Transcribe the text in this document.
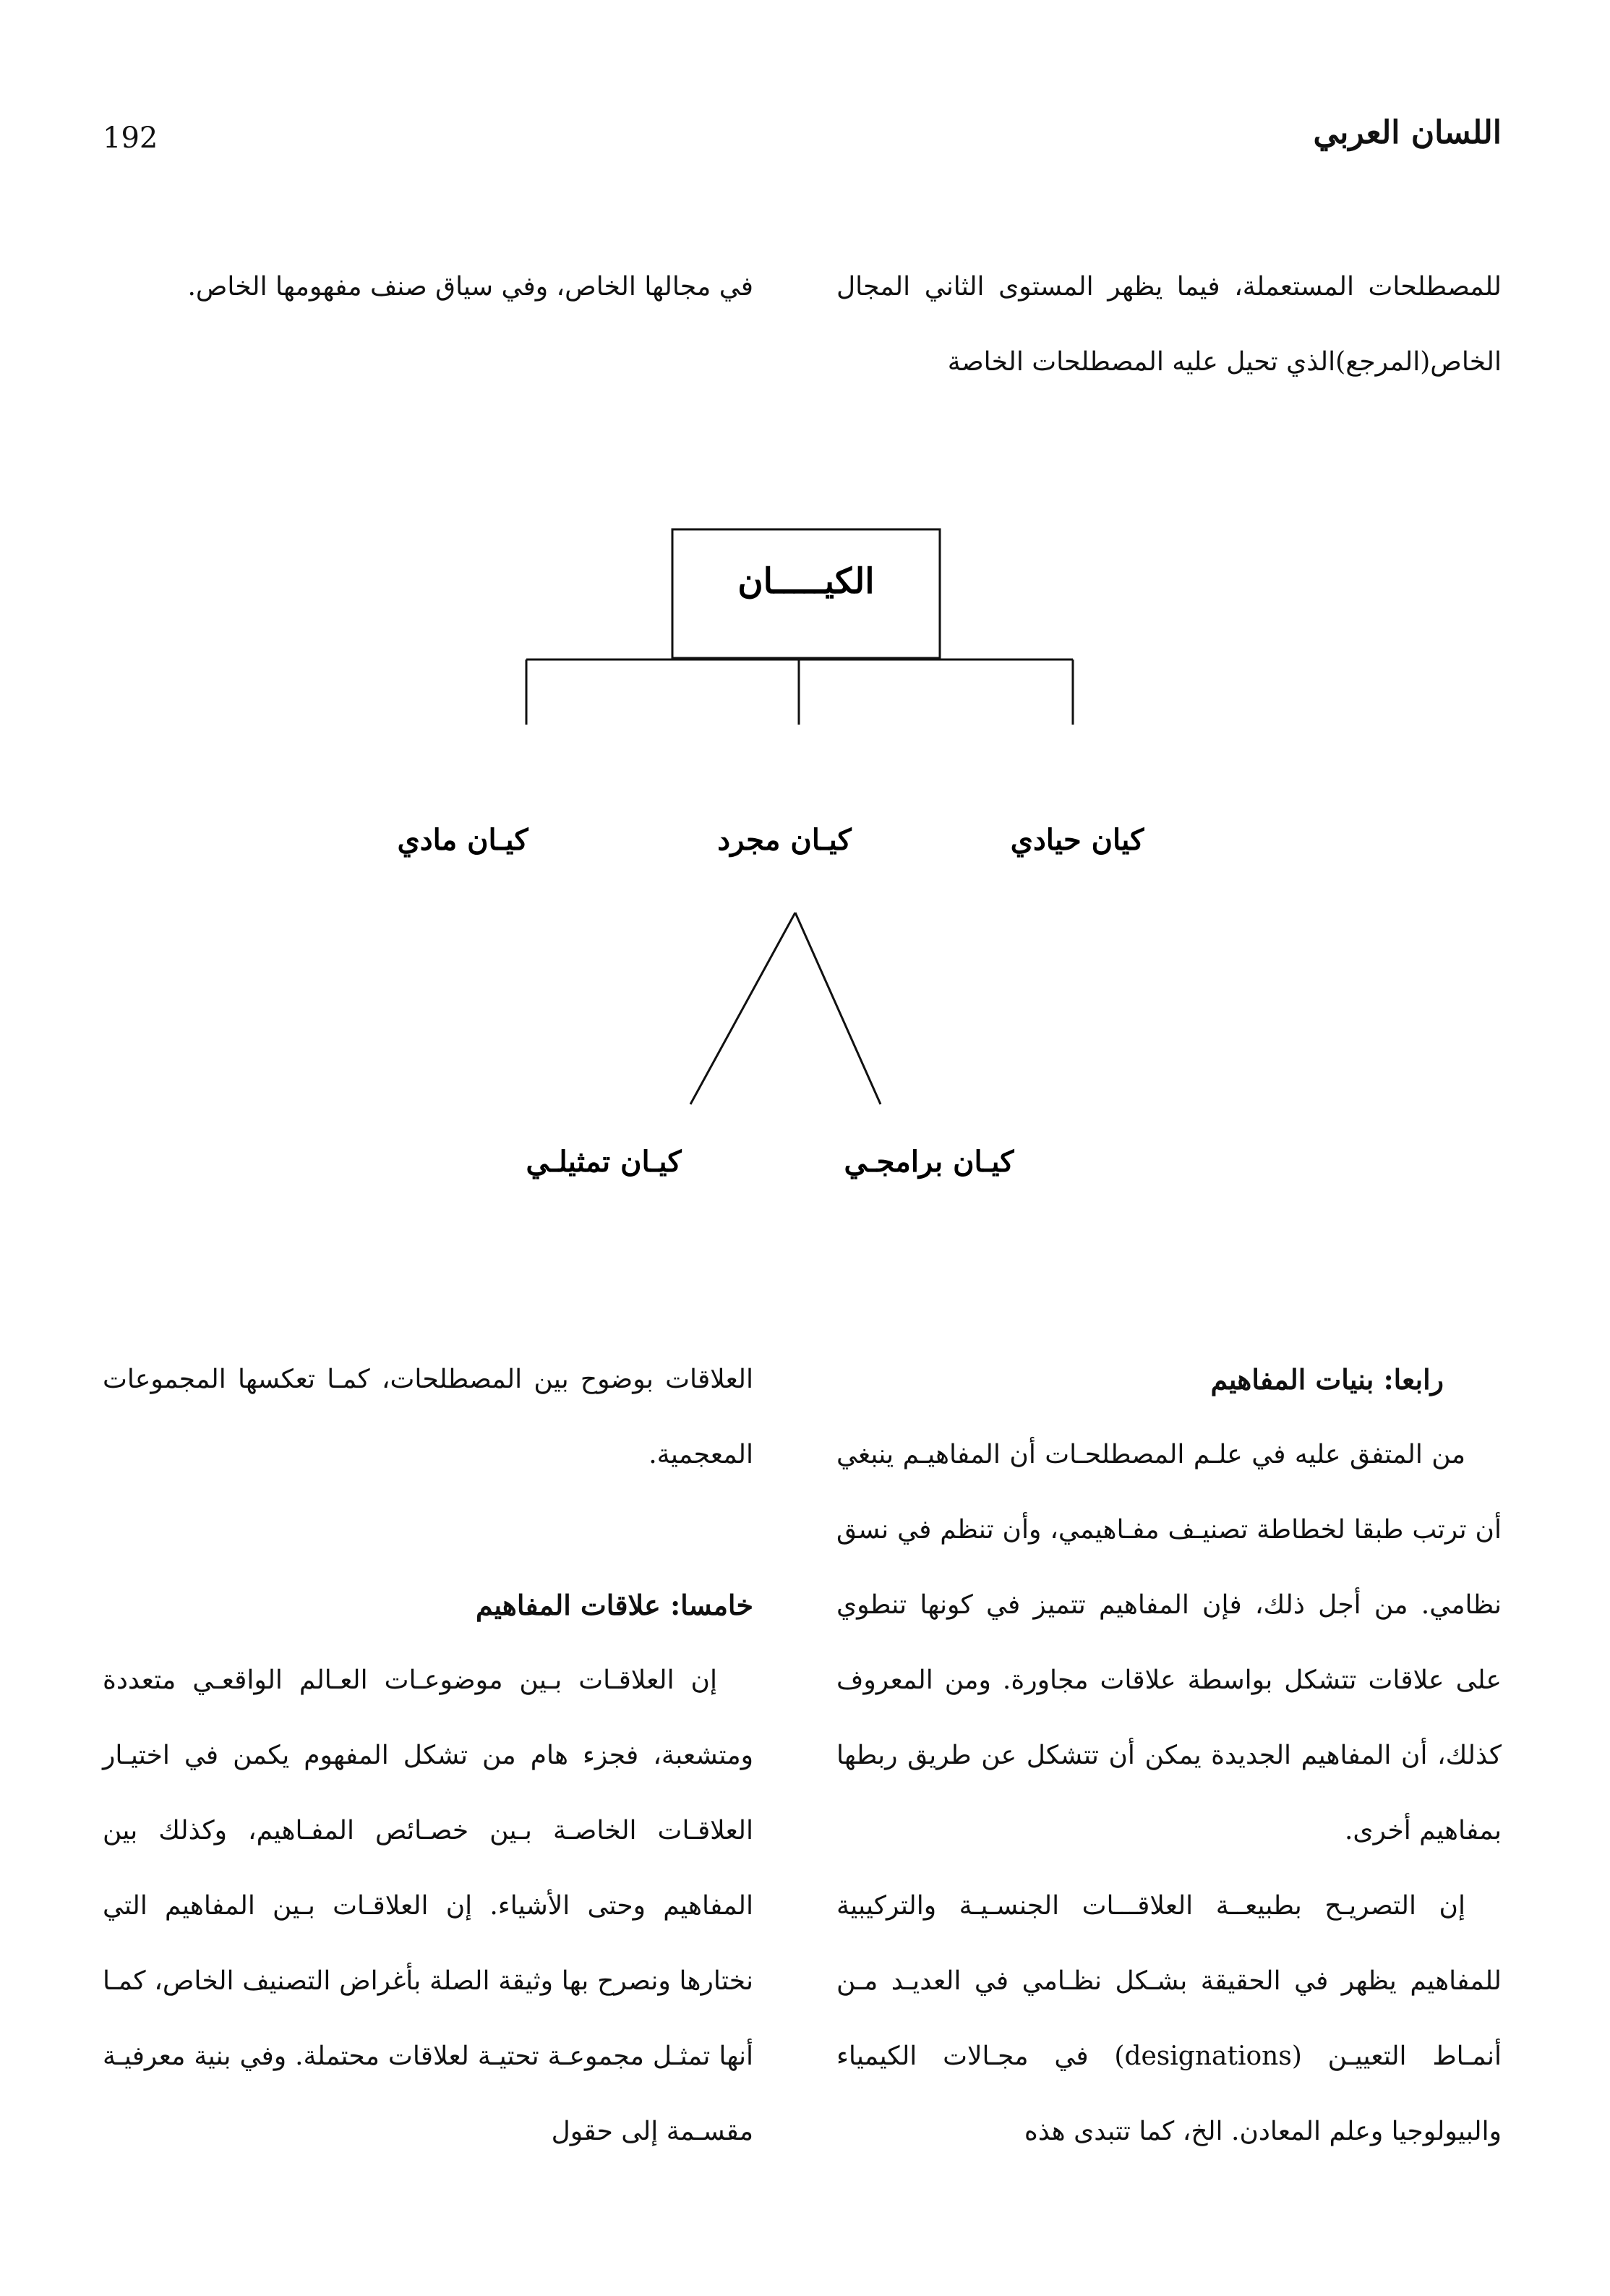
192	اللسان العربي
للمصطلحات المستعملة، فيما يظهر المستوى الثاني المجال الخاص(المرجع)الذي تحيل عليه المصطلحات الخاصة
في مجالها الخاص، وفي سياق صنف مفهومها الخاص.
الكيـــــان
كيان حيادي
كيـان مجرد
كيـان مادي
كيـان برامجـي
كيـان تمثيلـي
رابعا: بنيات المفاهيم

من المتفق عليه في علـم المصطلحـات أن المفاهيـم ينبغي أن ترتب طبقا لخطاطة تصنيـف مفـاهيمي، وأن تنظم في نسق نظامي. من أجل ذلك، فإن المفاهيم تتميز في كونها تنطوي على علاقات تتشكل بواسطة علاقات مجاورة. ومن المعروف كذلك، أن المفاهيم الجديدة يمكن أن تتشكل عن طريق ربطها بمفاهيم أخرى.

إن التصريـح بطبيعــة العلاقـــات الجنسـيـة والتركيبية للمفاهيم يظهر في الحقيقة بشـكل نظـامي في العديـد مـن أنمـاط التعييـن (designations) في مجـالات الكيمياء والبيولوجيا وعلم المعادن. الخ، كما تتبدى هذه

العلاقات بوضوح بين المصطلحات، كمـا تعكسها المجموعات المعجمية.
خامسا: علاقات المفاهيم

إن العلاقـات بـين موضوعـات العـالم الواقعـي متعددة ومتشعبة، فجزء هام من تشكل المفهوم يكمن في اختيـار العلاقـات الخاصـة بـين خصـائص المفـاهيم، وكذلك بين المفاهيم وحتى الأشياء. إن العلاقـات بـين المفاهيم التي نختارها ونصرح بها وثيقة الصلة بأغراض التصنيف الخاص، كمـا أنها تمثـل مجموعـة تحتيـة لعلاقات محتملة. وفي بنية معرفيـة مقسـمة إلى حقول
